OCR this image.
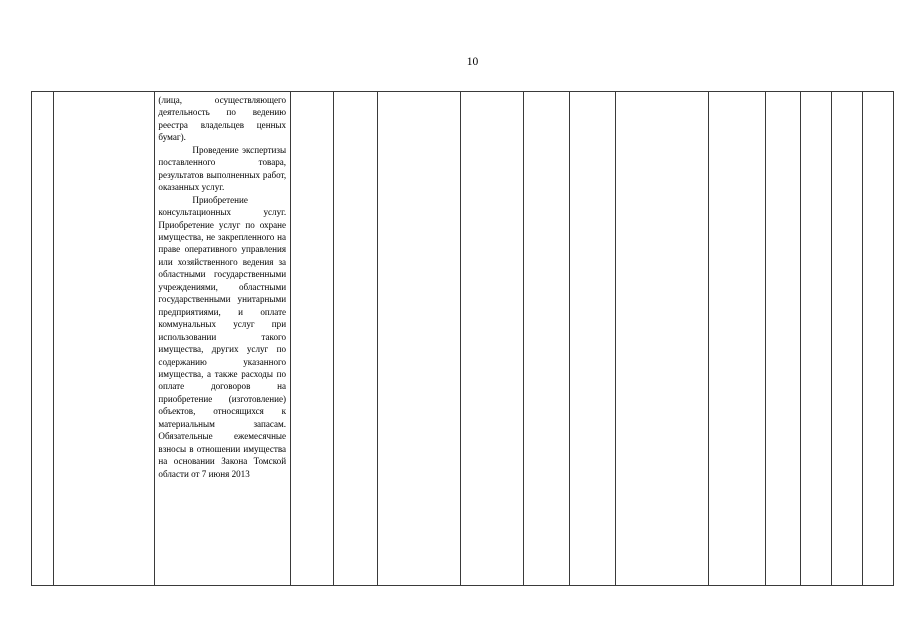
10

(лица, осуществляющего деятельность по ведению реестра владельцев ценных бумаг).

Проведение экспертизы поставленного товара, результатов выполненных работ, оказанных услуг.

Приобретение консультационных услуг. Приобретение услуг по охране имущества, не закрепленного на праве оперативного управления или хозяйственного ведения за областными государственными учреждениями, областными государственными унитарными предприятиями, и оплате коммунальных услуг при использовании такого имущества, других услуг по содержанию указанного имущества, а также расходы по оплате договоров на приобретение (изготовление) объектов, относящихся к материальным запасам. Обязательные ежемесячные взносы в отношении имущества на основании Закона Томской области от 7 июня 2013
